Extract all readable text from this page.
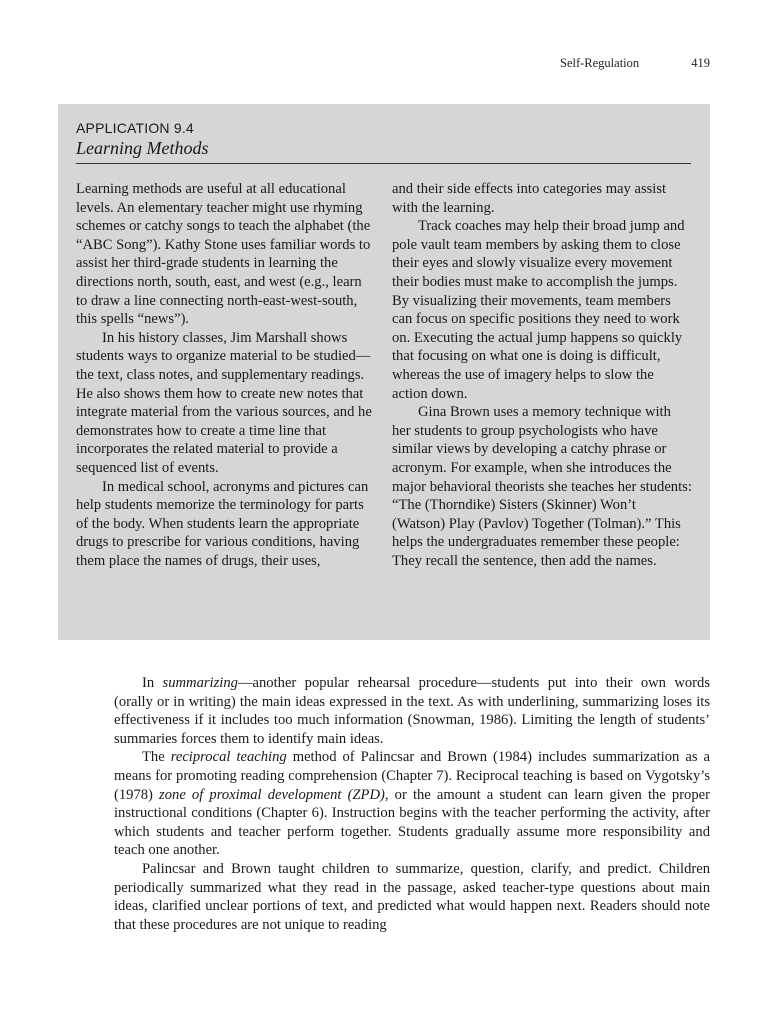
Self-Regulation	419
APPLICATION 9.4
Learning Methods

Learning methods are useful at all educational levels. An elementary teacher might use rhyming schemes or catchy songs to teach the alphabet (the “ABC Song”). Kathy Stone uses familiar words to assist her third-grade students in learning the directions north, south, east, and west (e.g., learn to draw a line connecting north-east-west-south, this spells “news”).

In his history classes, Jim Marshall shows students ways to organize material to be studied—the text, class notes, and supplementary readings. He also shows them how to create new notes that integrate material from the various sources, and he demonstrates how to create a time line that incorporates the related material to provide a sequenced list of events.

In medical school, acronyms and pictures can help students memorize the terminology for parts of the body. When students learn the appropriate drugs to prescribe for various conditions, having them place the names of drugs, their uses,

and their side effects into categories may assist with the learning.

Track coaches may help their broad jump and pole vault team members by asking them to close their eyes and slowly visualize every movement their bodies must make to accomplish the jumps. By visualizing their movements, team members can focus on specific positions they need to work on. Executing the actual jump happens so quickly that focusing on what one is doing is difficult, whereas the use of imagery helps to slow the action down.

Gina Brown uses a memory technique with her students to group psychologists who have similar views by developing a catchy phrase or acronym. For example, when she introduces the major behavioral theorists she teaches her students: “The (Thorndike) Sisters (Skinner) Won’t (Watson) Play (Pavlov) Together (Tolman).” This helps the undergraduates remember these people: They recall the sentence, then add the names.

In summarizing—another popular rehearsal procedure—students put into their own words (orally or in writing) the main ideas expressed in the text. As with underlining, summarizing loses its effectiveness if it includes too much information (Snowman, 1986). Limiting the length of students’ summaries forces them to identify main ideas.

The reciprocal teaching method of Palincsar and Brown (1984) includes summarization as a means for promoting reading comprehension (Chapter 7). Reciprocal teaching is based on Vygotsky’s (1978) zone of proximal development (ZPD), or the amount a student can learn given the proper instructional conditions (Chapter 6). Instruction begins with the teacher performing the activity, after which students and teacher perform together. Students gradually assume more responsibility and teach one another.

Palincsar and Brown taught children to summarize, question, clarify, and predict. Children periodically summarized what they read in the passage, asked teacher-type questions about main ideas, clarified unclear portions of text, and predicted what would happen next. Readers should note that these procedures are not unique to reading
